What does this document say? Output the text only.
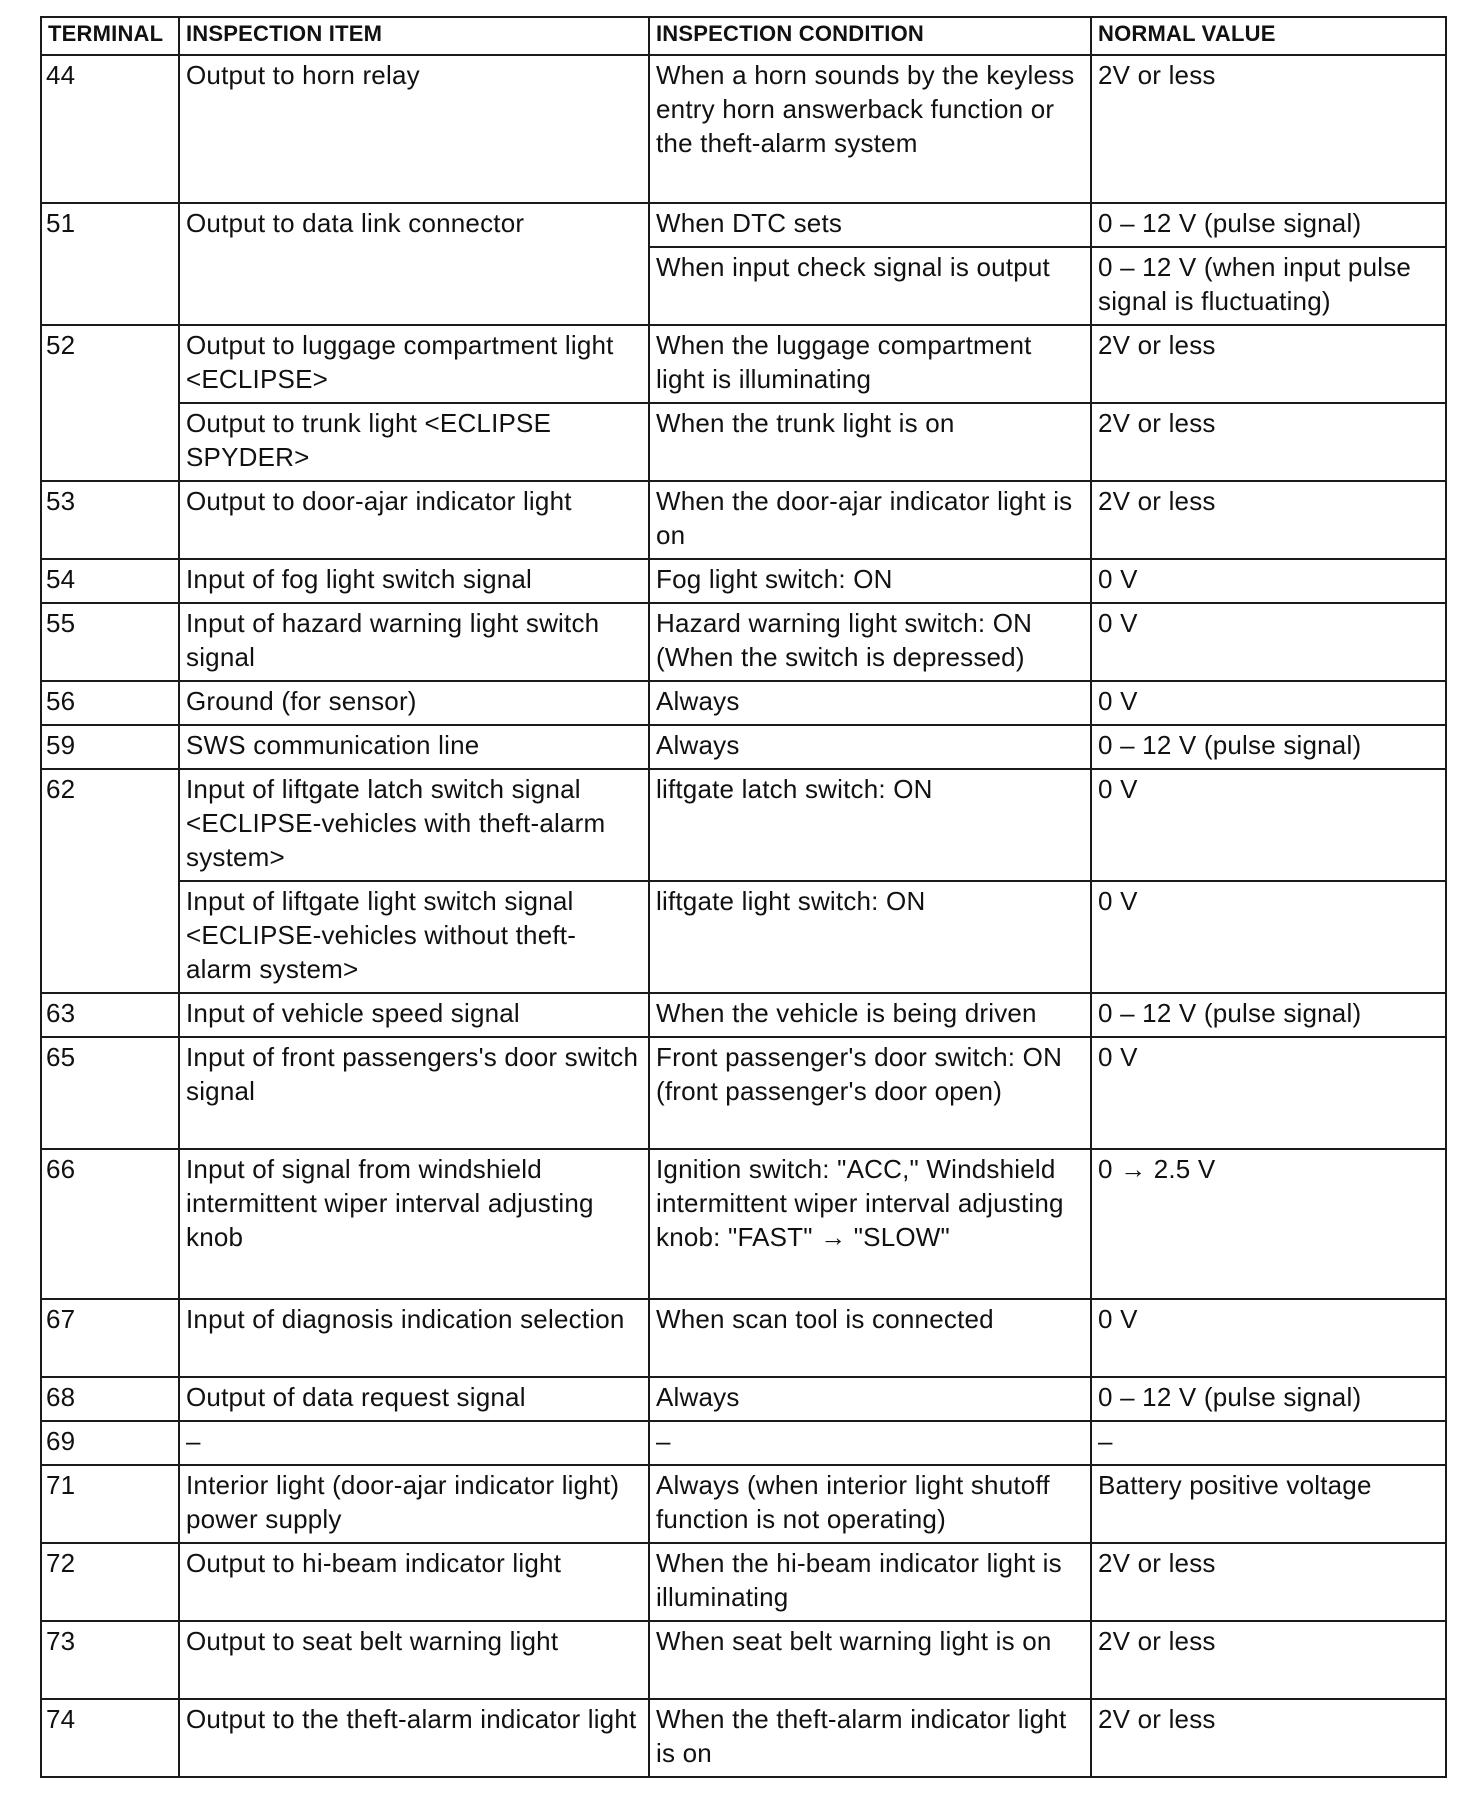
TERMINAL	INSPECTION ITEM	INSPECTION CONDITION	NORMAL VALUE
44	Output to horn relay	When a horn sounds by the keyless entry horn answerback function or the theft-alarm system	2V or less
51	Output to data link connector	When DTC sets	0 – 12 V (pulse signal)
		When input check signal is output	0 – 12 V (when input pulse signal is fluctuating)
52	Output to luggage compartment light <ECLIPSE>	When the luggage compartment light is illuminating	2V or less
	Output to trunk light <ECLIPSE SPYDER>	When the trunk light is on	2V or less
53	Output to door-ajar indicator light	When the door-ajar indicator light is on	2V or less
54	Input of fog light switch signal	Fog light switch: ON	0 V
55	Input of hazard warning light switch signal	Hazard warning light switch: ON (When the switch is depressed)	0 V
56	Ground (for sensor)	Always	0 V
59	SWS communication line	Always	0 – 12 V (pulse signal)
62	Input of liftgate latch switch signal <ECLIPSE-vehicles with theft-alarm system>	liftgate latch switch: ON	0 V
	Input of liftgate light switch signal <ECLIPSE-vehicles without theft-alarm system>	liftgate light switch: ON	0 V
63	Input of vehicle speed signal	When the vehicle is being driven	0 – 12 V (pulse signal)
65	Input of front passengers's door switch signal	Front passenger's door switch: ON (front passenger's door open)	0 V
66	Input of signal from windshield intermittent wiper interval adjusting knob	Ignition switch: "ACC," Windshield intermittent wiper interval adjusting knob: "FAST" → "SLOW"	0 → 2.5 V
67	Input of diagnosis indication selection	When scan tool is connected	0 V
68	Output of data request signal	Always	0 – 12 V (pulse signal)
69	–	–	–
71	Interior light (door-ajar indicator light) power supply	Always (when interior light shutoff function is not operating)	Battery positive voltage
72	Output to hi-beam indicator light	When the hi-beam indicator light is illuminating	2V or less
73	Output to seat belt warning light	When seat belt warning light is on	2V or less
74	Output to the theft-alarm indicator light	When the theft-alarm indicator light is on	2V or less
